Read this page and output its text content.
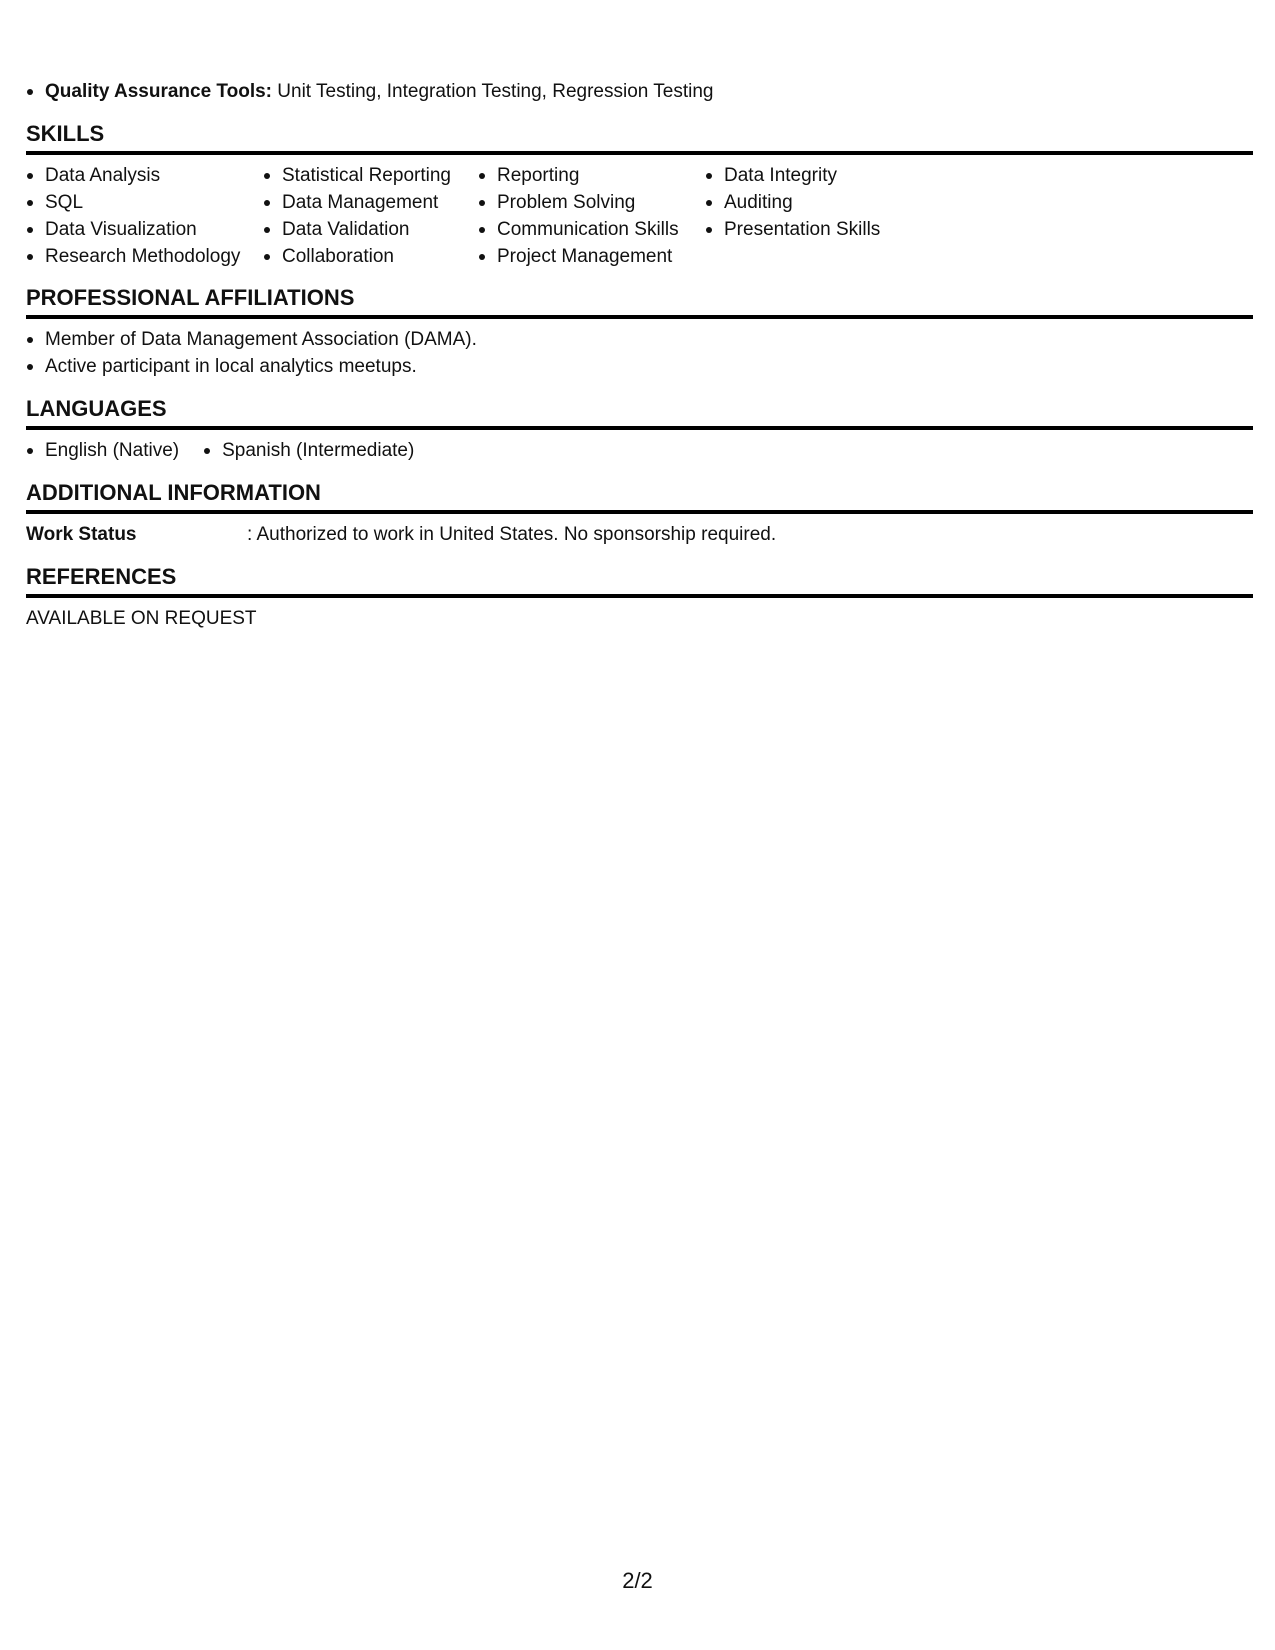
Quality Assurance Tools: Unit Testing, Integration Testing, Regression Testing
SKILLS
Data Analysis
SQL
Data Visualization
Research Methodology
Statistical Reporting
Data Management
Data Validation
Collaboration
Reporting
Problem Solving
Communication Skills
Project Management
Data Integrity
Auditing
Presentation Skills
PROFESSIONAL AFFILIATIONS
Member of Data Management Association (DAMA).
Active participant in local analytics meetups.
LANGUAGES
English (Native)	Spanish (Intermediate)
ADDITIONAL INFORMATION
Work Status	: Authorized to work in United States. No sponsorship required.
REFERENCES
AVAILABLE ON REQUEST
2/2
